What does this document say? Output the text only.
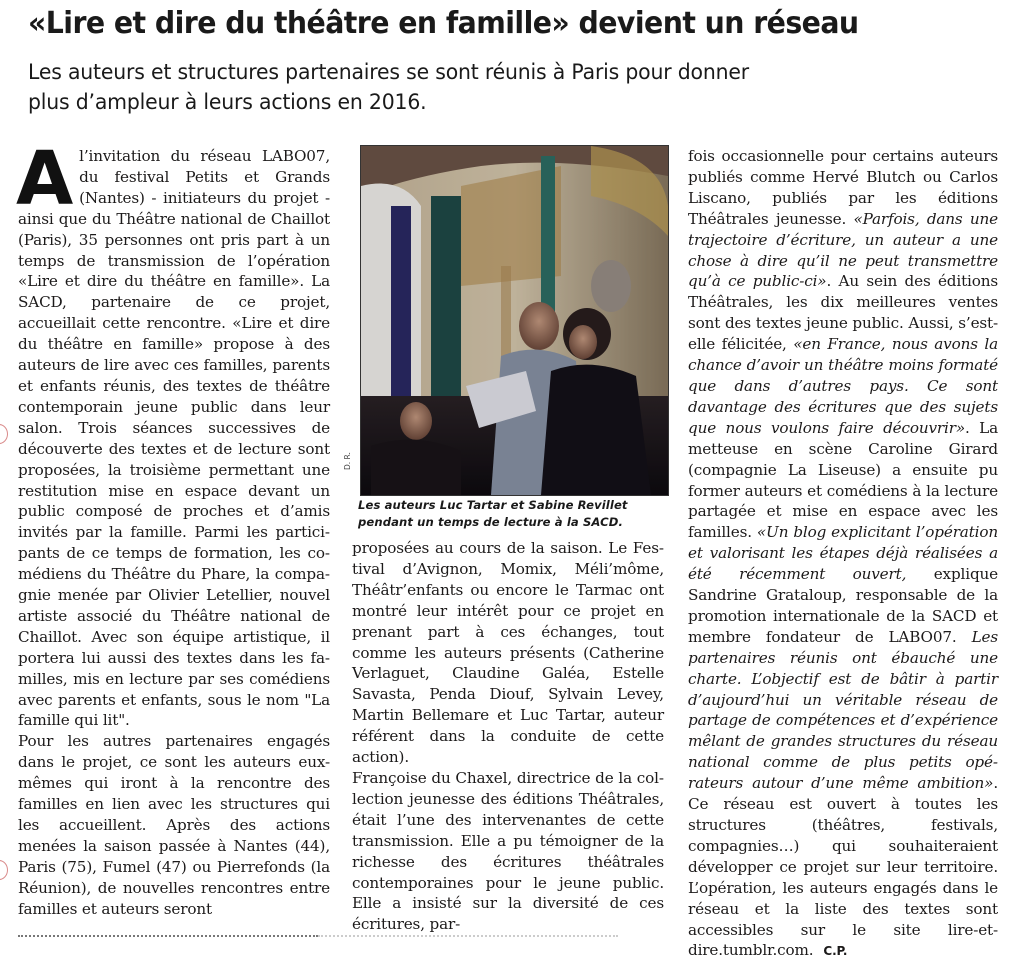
«Lire et dire du théâtre en famille» devient un réseau
Les auteurs et structures partenaires se sont réunis à Paris pour donner
plus d’ampleur à leurs actions en 2016.

A l’invitation du réseau LABO07, du festival Petits et Grands (Nantes) - initiateurs du projet - ainsi que du Théâtre national de Chaillot (Paris), 35 personnes ont pris part à un temps de transmission de l’opération «Lire et dire du théâtre en famille». La SACD, partenaire de ce projet, accueillait cette rencontre. «Lire et dire du théâtre en famille» propose à des auteurs de lire avec ces familles, parents et enfants réunis, des textes de théâtre contemporain jeune public dans leur salon. Trois séances successives de découverte des textes et de lecture sont proposées, la troisième permettant une restitution mise en espace devant un public composé de proches et d’amis invités par la famille. Parmi les participants de ce temps de formation, les comédiens du Théâtre du Phare, la compagnie menée par Olivier Letellier, nouvel artiste associé du Théâtre national de Chaillot. Avec son équipe artistique, il portera lui aussi des textes dans les familles, mis en lecture par ses comédiens avec parents et enfants, sous le nom "La famille qui lit".

Pour les autres partenaires engagés dans le projet, ce sont les auteurs eux-mêmes qui iront à la rencontre des familles en lien avec les structures qui les accueillent. Après des actions menées la saison passée à Nantes (44), Paris (75), Fumel (47) ou Pierrefonds (la Réunion), de nouvelles rencontres entre familles et auteurs seront

D. R.
Les auteurs Luc Tartar et Sabine Revillet pendant un temps de lecture à la SACD.

proposées au cours de la saison. Le Festival d’Avignon, Momix, Méli’môme, Théâtr’enfants ou encore le Tarmac ont montré leur intérêt pour ce projet en prenant part à ces échanges, tout comme les auteurs présents (Catherine Verlaguet, Claudine Galéa, Estelle Savasta, Penda Diouf, Sylvain Levey, Martin Bellemare et Luc Tartar, auteur référent dans la conduite de cette action).

Françoise du Chaxel, directrice de la collection jeunesse des éditions Théâtrales, était l’une des intervenantes de cette transmission. Elle a pu témoigner de la richesse des écritures théâtrales contemporaines pour le jeune public. Elle a insisté sur la diversité de ces écritures, par-

fois occasionnelle pour certains auteurs publiés comme Hervé Blutch ou Carlos Liscano, publiés par les éditions Théâtrales jeunesse. «Parfois, dans une trajectoire d’écriture, un auteur a une chose à dire qu’il ne peut transmettre qu’à ce public-ci». Au sein des éditions Théâtrales, les dix meilleures ventes sont des textes jeune public. Aussi, s’est-elle félicitée, «en France, nous avons la chance d’avoir un théâtre moins formaté que dans d’autres pays. Ce sont davantage des écritures que des sujets que nous voulons faire découvrir». La metteuse en scène Caroline Girard (compagnie La Liseuse) a ensuite pu former auteurs et comédiens à la lecture partagée et mise en espace avec les familles. «Un blog explicitant l’opération et valorisant les étapes déjà réalisées a été récemment ouvert, explique Sandrine Grataloup, responsable de la promotion internationale de la SACD et membre fondateur de LABO07. Les partenaires réunis ont ébauché une charte. L’objectif est de bâtir à partir d’aujourd’hui un véritable réseau de partage de compétences et d’expérience mêlant de grandes structures du réseau national comme de plus petits opérateurs autour d’une même ambition». Ce réseau est ouvert à toutes les structures (théâtres, festivals, compagnies…) qui souhaiteraient développer ce projet sur leur territoire. L’opération, les auteurs engagés dans le réseau et la liste des textes sont accessibles sur le site lire-et-dire.tumblr.com. C.P.
